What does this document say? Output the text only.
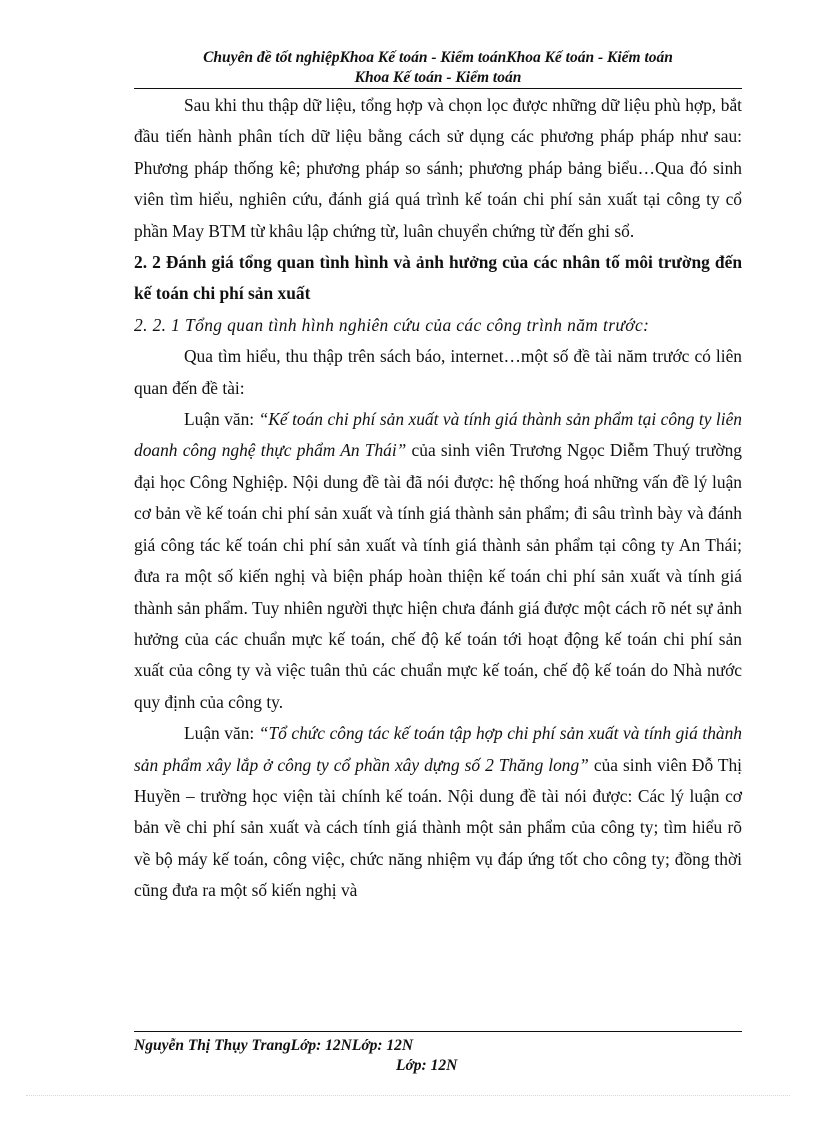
Chuyên đề tốt nghiệpKhoa Kế toán - Kiểm toánKhoa Kế toán - Kiểm toán
Khoa Kế toán - Kiểm toán

Sau khi thu thập dữ liệu, tổng hợp và chọn lọc được những dữ liệu phù hợp, bắt đầu tiến hành phân tích dữ liệu bằng cách sử dụng các phương pháp pháp như sau: Phương pháp thống kê; phương pháp so sánh; phương pháp bảng biểu…Qua đó sinh viên tìm hiểu, nghiên cứu, đánh giá quá trình kế toán chi phí sản xuất tại công ty cổ phần May BTM từ khâu lập chứng từ, luân chuyển chứng từ đến ghi sổ.

2. 2 Đánh giá tổng quan tình hình và ảnh hưởng của các nhân tố môi trường đến kế toán chi phí sản xuất

2. 2. 1 Tổng quan tình hình nghiên cứu của các công trình năm trước:

Qua tìm hiểu, thu thập trên sách báo, internet…một số đề tài năm trước có liên quan đến đề tài:

Luận văn: “Kế toán chi phí sản xuất và tính giá thành sản phẩm tại công ty liên doanh công nghệ thực phẩm An Thái” của sinh viên Trương Ngọc Diễm Thuý trường đại học Công Nghiệp. Nội dung đề tài đã nói được: hệ thống hoá những vấn đề lý luận cơ bản về kế toán chi phí sản xuất và tính giá thành sản phẩm; đi sâu trình bày và đánh giá công tác kế toán chi phí sản xuất và tính giá thành sản phẩm tại công ty An Thái; đưa ra một số kiến nghị và biện pháp hoàn thiện kế toán chi phí sản xuất và tính giá thành sản phẩm. Tuy nhiên người thực hiện chưa đánh giá được một cách rõ nét sự ảnh hưởng của các chuẩn mực kế toán, chế độ kế toán tới hoạt động kế toán chi phí sản xuất của công ty và việc tuân thủ các chuẩn mực kế toán, chế độ kế toán do Nhà nước quy định của công ty.

Luận văn: “Tổ chức công tác kế toán tập hợp chi phí sản xuất và tính giá thành sản phẩm xây lắp ở công ty cổ phần xây dựng số 2 Thăng long” của sinh viên Đỗ Thị Huyền – trường học viện tài chính kế toán. Nội dung đề tài nói được: Các lý luận cơ bản về chi phí sản xuất và cách tính giá thành một sản phẩm của công ty; tìm hiểu rõ về bộ máy kế toán, công việc, chức năng nhiệm vụ đáp ứng tốt cho công ty; đồng thời cũng đưa ra một số kiến nghị và

Nguyễn Thị Thụy TrangLớp: 12NLớp: 12N
Lớp: 12N
